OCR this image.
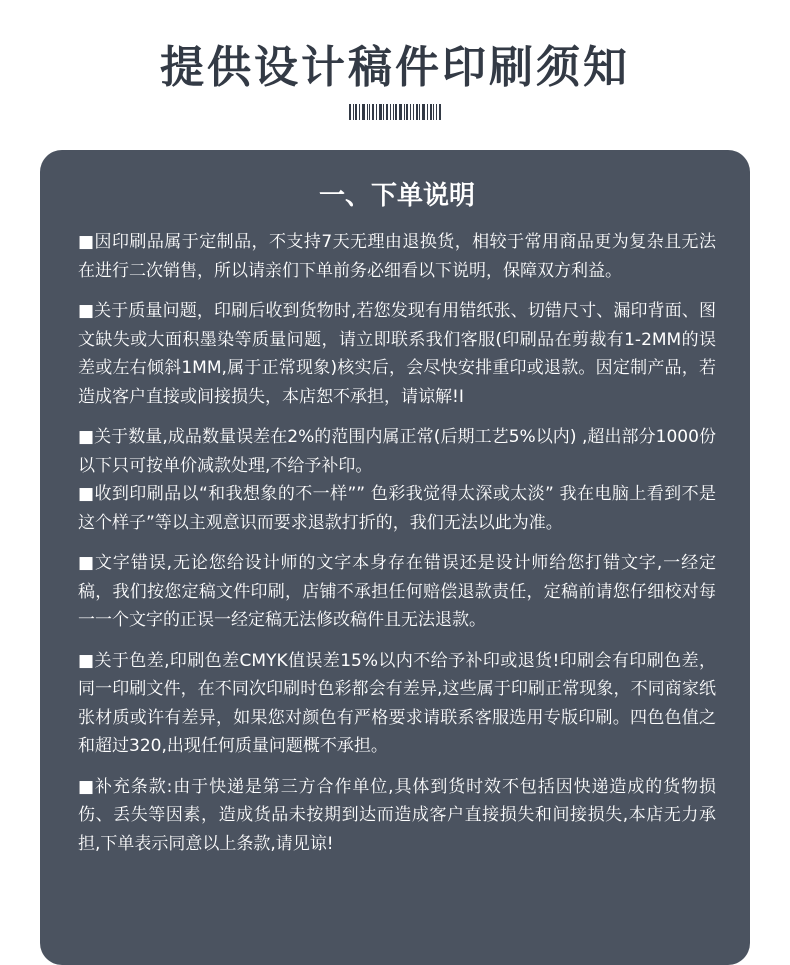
提供设计稿件印刷须知
一、下单说明

■因印刷品属于定制品，不支持7天无理由退换货，相较于常用商品更为复杂且无法在进行二次销售，所以请亲们下单前务必细看以下说明，保障双方利益。

■关于质量问题，印刷后收到货物时,若您发现有用错纸张、切错尺寸、漏印背面、图文缺失或大面积墨染等质量问题，请立即联系我们客服(印刷品在剪裁有1-2MM的误差或左右倾斜1MM,属于正常现象)核实后，会尽快安排重印或退款。因定制产品，若造成客户直接或间接损失，本店恕不承担，请谅解!I

■关于数量,成品数量误差在2%的范围内属正常(后期工艺5%以内) ,超出部分1000份以下只可按单价减款处理,不给予补印。

■收到印刷品以“和我想象的不一样”” 色彩我觉得太深或太淡” 我在电脑上看到不是这个样子”等以主观意识而要求退款打折的，我们无法以此为准。

■文字错误,无论您给设计师的文字本身存在错误还是设计师给您打错文字,一经定稿，我们按您定稿文件印刷，店铺不承担任何赔偿退款责任，定稿前请您仔细校对每一一个文字的正误一经定稿无法修改稿件且无法退款。

■关于色差,印刷色差CMYK值误差15%以内不给予补印或退货!印刷会有印刷色差，同一印刷文件，在不同次印刷时色彩都会有差异,这些属于印刷正常现象，不同商家纸张材质或许有差异，如果您对颜色有严格要求请联系客服选用专版印刷。四色色值之和超过320,出现任何质量问题概不承担。

■补充条款:由于快递是第三方合作单位,具体到货时效不包括因快递造成的货物损伤、丢失等因素，造成货品未按期到达而造成客户直接损失和间接损失,本店无力承担,下单表示同意以上条款,请见谅!
